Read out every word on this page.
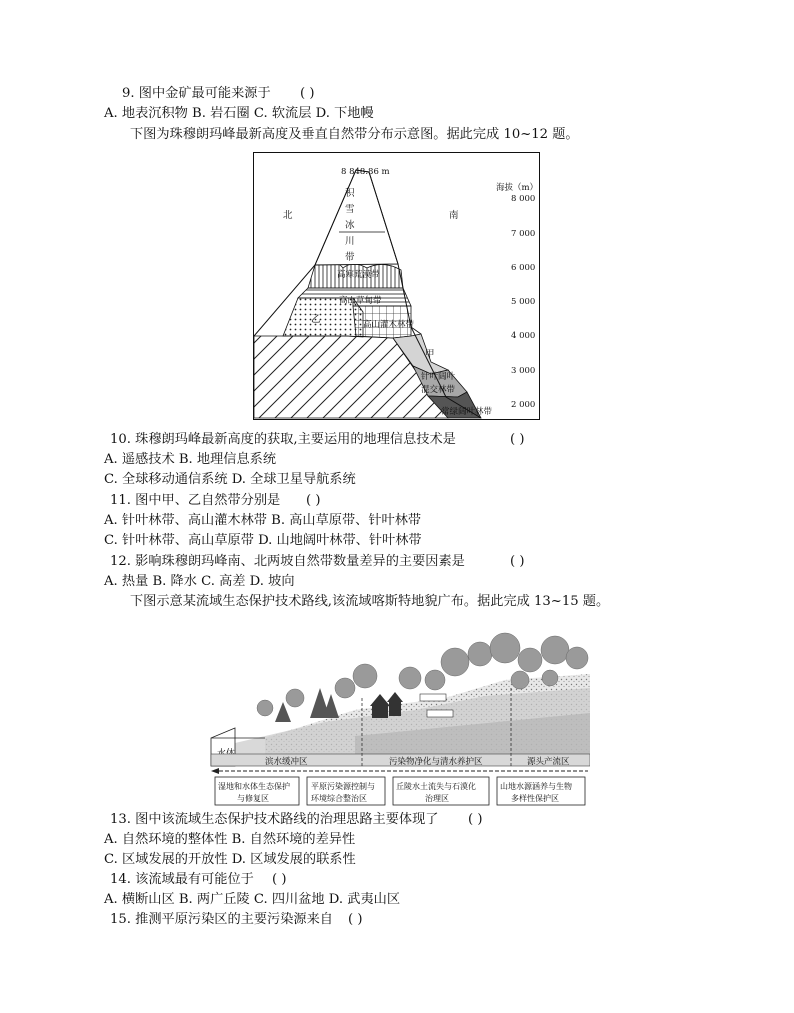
9. 图中金矿最可能来源于 ( )
A. 地表沉积物 B. 岩石圈 C. 软流层 D. 下地幔
下图为珠穆朗玛峰最新高度及垂直自然带分布示意图。据此完成 10~12 题。
8 848.86 m
北	南
海拔（m）
8 000
7 000
6 000
5 000
4 000
3 000
2 000
积
雪
冰
川
带
高寒荒漠带
高山草甸带
高山灌木林带
乙
甲
针叶阔叶
混交林带
常绿阔叶林带
10. 珠穆朗玛峰最新高度的获取,主要运用的地理信息技术是	( )
A. 遥感技术 B. 地理信息系统
C. 全球移动通信系统 D. 全球卫星导航系统
11. 图中甲、乙自然带分别是 ( )
A. 针叶林带、高山灌木林带 B. 高山草原带、针叶林带
C. 针叶林带、高山草原带 D. 山地阔叶林带、针叶林带
12. 影响珠穆朗玛峰南、北两坡自然带数量差异的主要因素是	( )
A. 热量 B. 降水 C. 高差 D. 坡向
下图示意某流域生态保护技术路线,该流域喀斯特地貌广布。据此完成 13~15 题。
滨水缓冲区	污染物净化与清水养护区	源头产流区
湿地和水体生态保护
与修复区
平原污染源控制与
环境综合整治区
丘陵水土流失与石漠化
治理区
山地水源涵养与生物
多样性保护区
13. 图中该流域生态保护技术路线的治理思路主要体现了 ( )
A. 自然环境的整体性 B. 自然环境的差异性
C. 区域发展的开放性 D. 区域发展的联系性
14. 该流域最有可能位于 ( )
A. 横断山区 B. 两广丘陵 C. 四川盆地 D. 武夷山区
15. 推测平原污染区的主要污染源来自 ( )
